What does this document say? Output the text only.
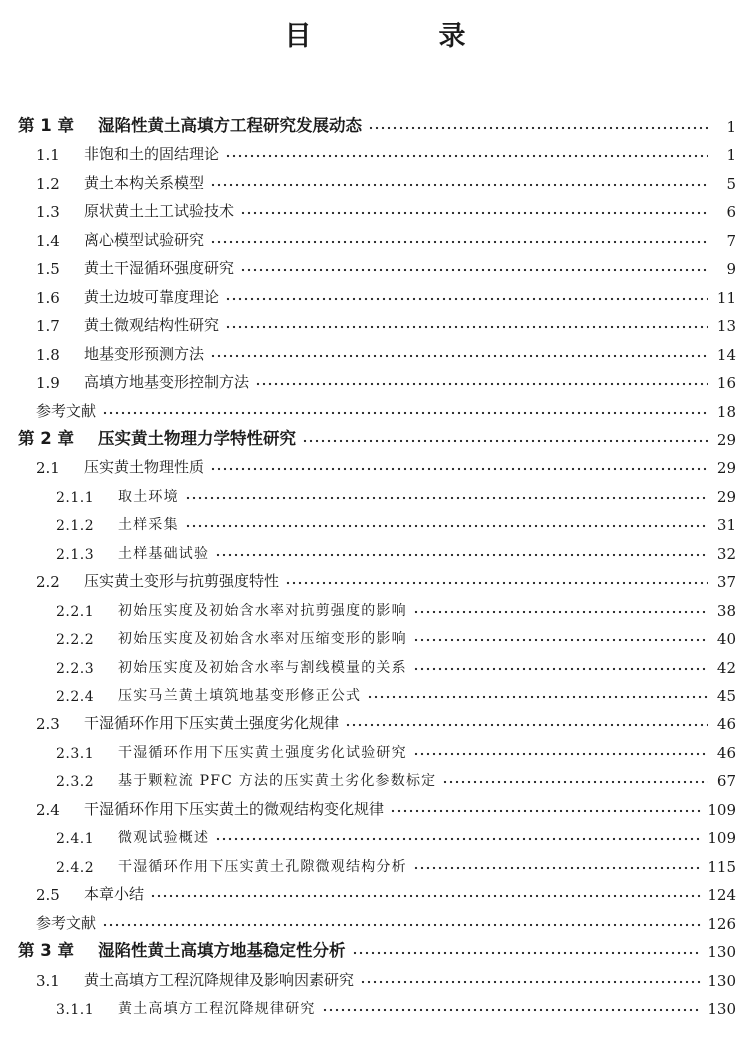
目　录
第 1 章	湿陷性黄土高填方工程研究发展动态	1
1.1	非饱和土的固结理论	1
1.2	黄土本构关系模型	5
1.3	原状黄土土工试验技术	6
1.4	离心模型试验研究	7
1.5	黄土干湿循环强度研究	9
1.6	黄土边坡可靠度理论	11
1.7	黄土微观结构性研究	13
1.8	地基变形预测方法	14
1.9	高填方地基变形控制方法	16
参考文献	18
第 2 章	压实黄土物理力学特性研究	29
2.1	压实黄土物理性质	29
2.1.1	取土环境	29
2.1.2	土样采集	31
2.1.3	土样基础试验	32
2.2	压实黄土变形与抗剪强度特性	37
2.2.1	初始压实度及初始含水率对抗剪强度的影响	38
2.2.2	初始压实度及初始含水率对压缩变形的影响	40
2.2.3	初始压实度及初始含水率与割线模量的关系	42
2.2.4	压实马兰黄土填筑地基变形修正公式	45
2.3	干湿循环作用下压实黄土强度劣化规律	46
2.3.1	干湿循环作用下压实黄土强度劣化试验研究	46
2.3.2	基于颗粒流 PFC 方法的压实黄土劣化参数标定	67
2.4	干湿循环作用下压实黄土的微观结构变化规律	109
2.4.1	微观试验概述	109
2.4.2	干湿循环作用下压实黄土孔隙微观结构分析	115
2.5	本章小结	124
参考文献	126
第 3 章	湿陷性黄土高填方地基稳定性分析	130
3.1	黄土高填方工程沉降规律及影响因素研究	130
3.1.1	黄土高填方工程沉降规律研究	130
